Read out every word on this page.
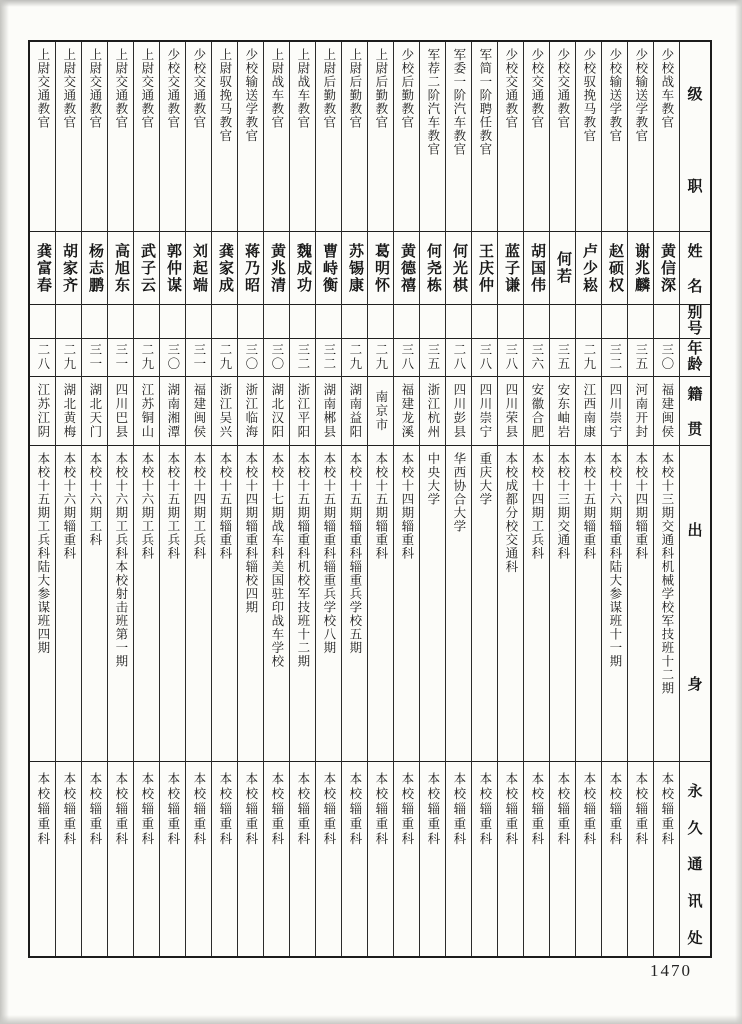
级
职
姓
名
别
号
年
龄
籍
贯
出
身
永
久
通
讯
处
少校战车教官
黄信深
三〇
福建闽侯
本校十三期交通科机械学校军技班十二期
本校辎重科
少校输送学教官
谢兆麟
三五
河南开封
本校十四期辎重科
本校辎重科
少校输送学教官
赵硕权
三二
四川崇宁
本校十六期辎重科陆大参谋班十一期
本校辎重科
少校驭挽马教官
卢少崧
二九
江西南康
本校十五期辎重科
本校辎重科
少校交通教官
何若
三五
安东岫岩
本校十三期交通科
本校辎重科
少校交通教官
胡国伟
三六
安徽合肥
本校十四期工兵科
本校辎重科
少校交通教官
蓝子谦
三八
四川荣县
本校成都分校交通科
本校辎重科
军简一阶聘任教官
王庆仲
三八
四川崇宁
重庆大学
本校辎重科
军委一阶汽车教官
何光棋
二八
四川彭县
华西协合大学
本校辎重科
军荐二阶汽车教官
何尧栋
三五
浙江杭州
中央大学
本校辎重科
少校后勤教官
黄德禧
三八
福建龙溪
本校十四期辎重科
本校辎重科
上尉后勤教官
葛明怀
二九
南京市
本校十五期辎重科
本校辎重科
上尉后勤教官
苏锡康
二九
湖南益阳
本校十五期辎重科辎重兵学校五期
本校辎重科
上尉后勤教官
曹峙衡
三二
湖南郴县
本校十五期辎重科辎重兵学校八期
本校辎重科
上尉战车教官
魏成功
三二
浙江平阳
本校十五期辎重科机校军技班十二期
本校辎重科
上尉战车教官
黄兆清
三〇
湖北汉阳
本校十七期战车科美国驻印战车学校
本校辎重科
少校输送学教官
蒋乃昭
三〇
浙江临海
本校十四期辎重科辎校四期
本校辎重科
上尉驭挽马教官
龚家成
二九
浙江吴兴
本校十五期辎重科
本校辎重科
少校交通教官
刘起端
三一
福建闽侯
本校十四期工兵科
本校辎重科
少校交通教官
郭仲谋
三〇
湖南湘潭
本校十五期工兵科
本校辎重科
上尉交通教官
武子云
二九
江苏铜山
本校十六期工兵科
本校辎重科
上尉交通教官
高旭东
三一
四川巴县
本校十六期工兵科本校射击班第一期
本校辎重科
上尉交通教官
杨志鹏
三一
湖北天门
本校十六期工科
本校辎重科
上尉交通教官
胡家齐
二九
湖北黄梅
本校十六期辎重科
本校辎重科
上尉交通教官
龚富春
二八
江苏江阴
本校十五期工兵科陆大参谋班四期
本校辎重科
1470
